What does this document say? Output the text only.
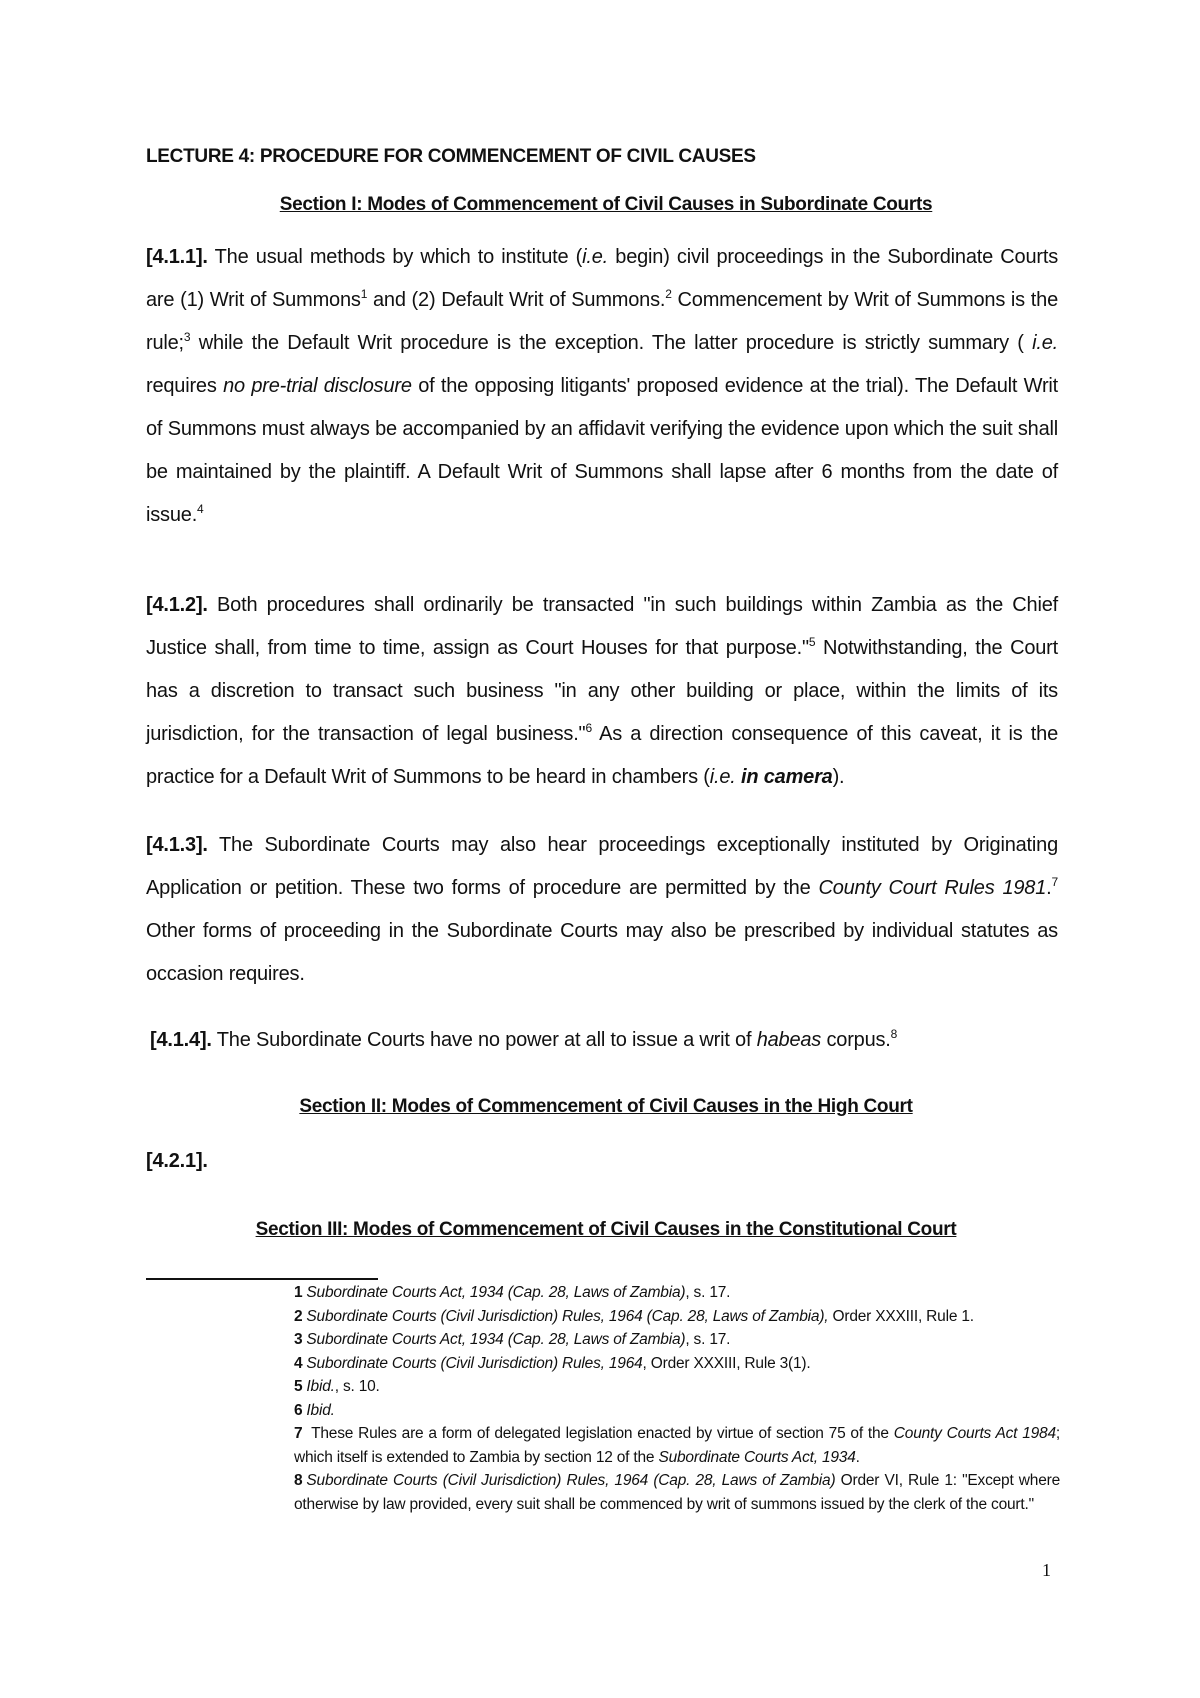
LECTURE 4: PROCEDURE FOR COMMENCEMENT OF CIVIL CAUSES
Section I: Modes of Commencement of Civil Causes in Subordinate Courts
[4.1.1]. The usual methods by which to institute (i.e. begin) civil proceedings in the Subordinate Courts are (1) Writ of Summons$^1$ and (2) Default Writ of Summons.$^2$ Commencement by Writ of Summons is the rule;$^3$ while the Default Writ procedure is the exception. The latter procedure is strictly summary ( i.e. requires no pre-trial disclosure of the opposing litigants' proposed evidence at the trial). The Default Writ of Summons must always be accompanied by an affidavit verifying the evidence upon which the suit shall be maintained by the plaintiff. A Default Writ of Summons shall lapse after 6 months from the date of issue.$^4$
[4.1.2]. Both procedures shall ordinarily be transacted "in such buildings within Zambia as the Chief Justice shall, from time to time, assign as Court Houses for that purpose."$^5$ Notwithstanding, the Court has a discretion to transact such business "in any other building or place, within the limits of its jurisdiction, for the transaction of legal business."$^6$ As a direction consequence of this caveat, it is the practice for a Default Writ of Summons to be heard in chambers (i.e. in camera).
[4.1.3]. The Subordinate Courts may also hear proceedings exceptionally instituted by Originating Application or petition. These two forms of procedure are permitted by the County Court Rules 1981.$^7$ Other forms of proceeding in the Subordinate Courts may also be prescribed by individual statutes as occasion requires.
[4.1.4]. The Subordinate Courts have no power at all to issue a writ of habeas corpus.$^8$
Section II: Modes of Commencement of Civil Causes in the High Court
[4.2.1].
Section III: Modes of Commencement of Civil Causes in the Constitutional Court

1 Subordinate Courts Act, 1934 (Cap. 28, Laws of Zambia), s. 17.

2 Subordinate Courts (Civil Jurisdiction) Rules, 1964 (Cap. 28, Laws of Zambia), Order XXXIII, Rule 1.

3 Subordinate Courts Act, 1934 (Cap. 28, Laws of Zambia), s. 17.

4 Subordinate Courts (Civil Jurisdiction) Rules, 1964, Order XXXIII, Rule 3(1).

5 Ibid., s. 10.

6 Ibid.

7 These Rules are a form of delegated legislation enacted by virtue of section 75 of the County Courts Act 1984; which itself is extended to Zambia by section 12 of the Subordinate Courts Act, 1934.

8 Subordinate Courts (Civil Jurisdiction) Rules, 1964 (Cap. 28, Laws of Zambia) Order VI, Rule 1: "Except where otherwise by law provided, every suit shall be commenced by writ of summons issued by the clerk of the court."

1
